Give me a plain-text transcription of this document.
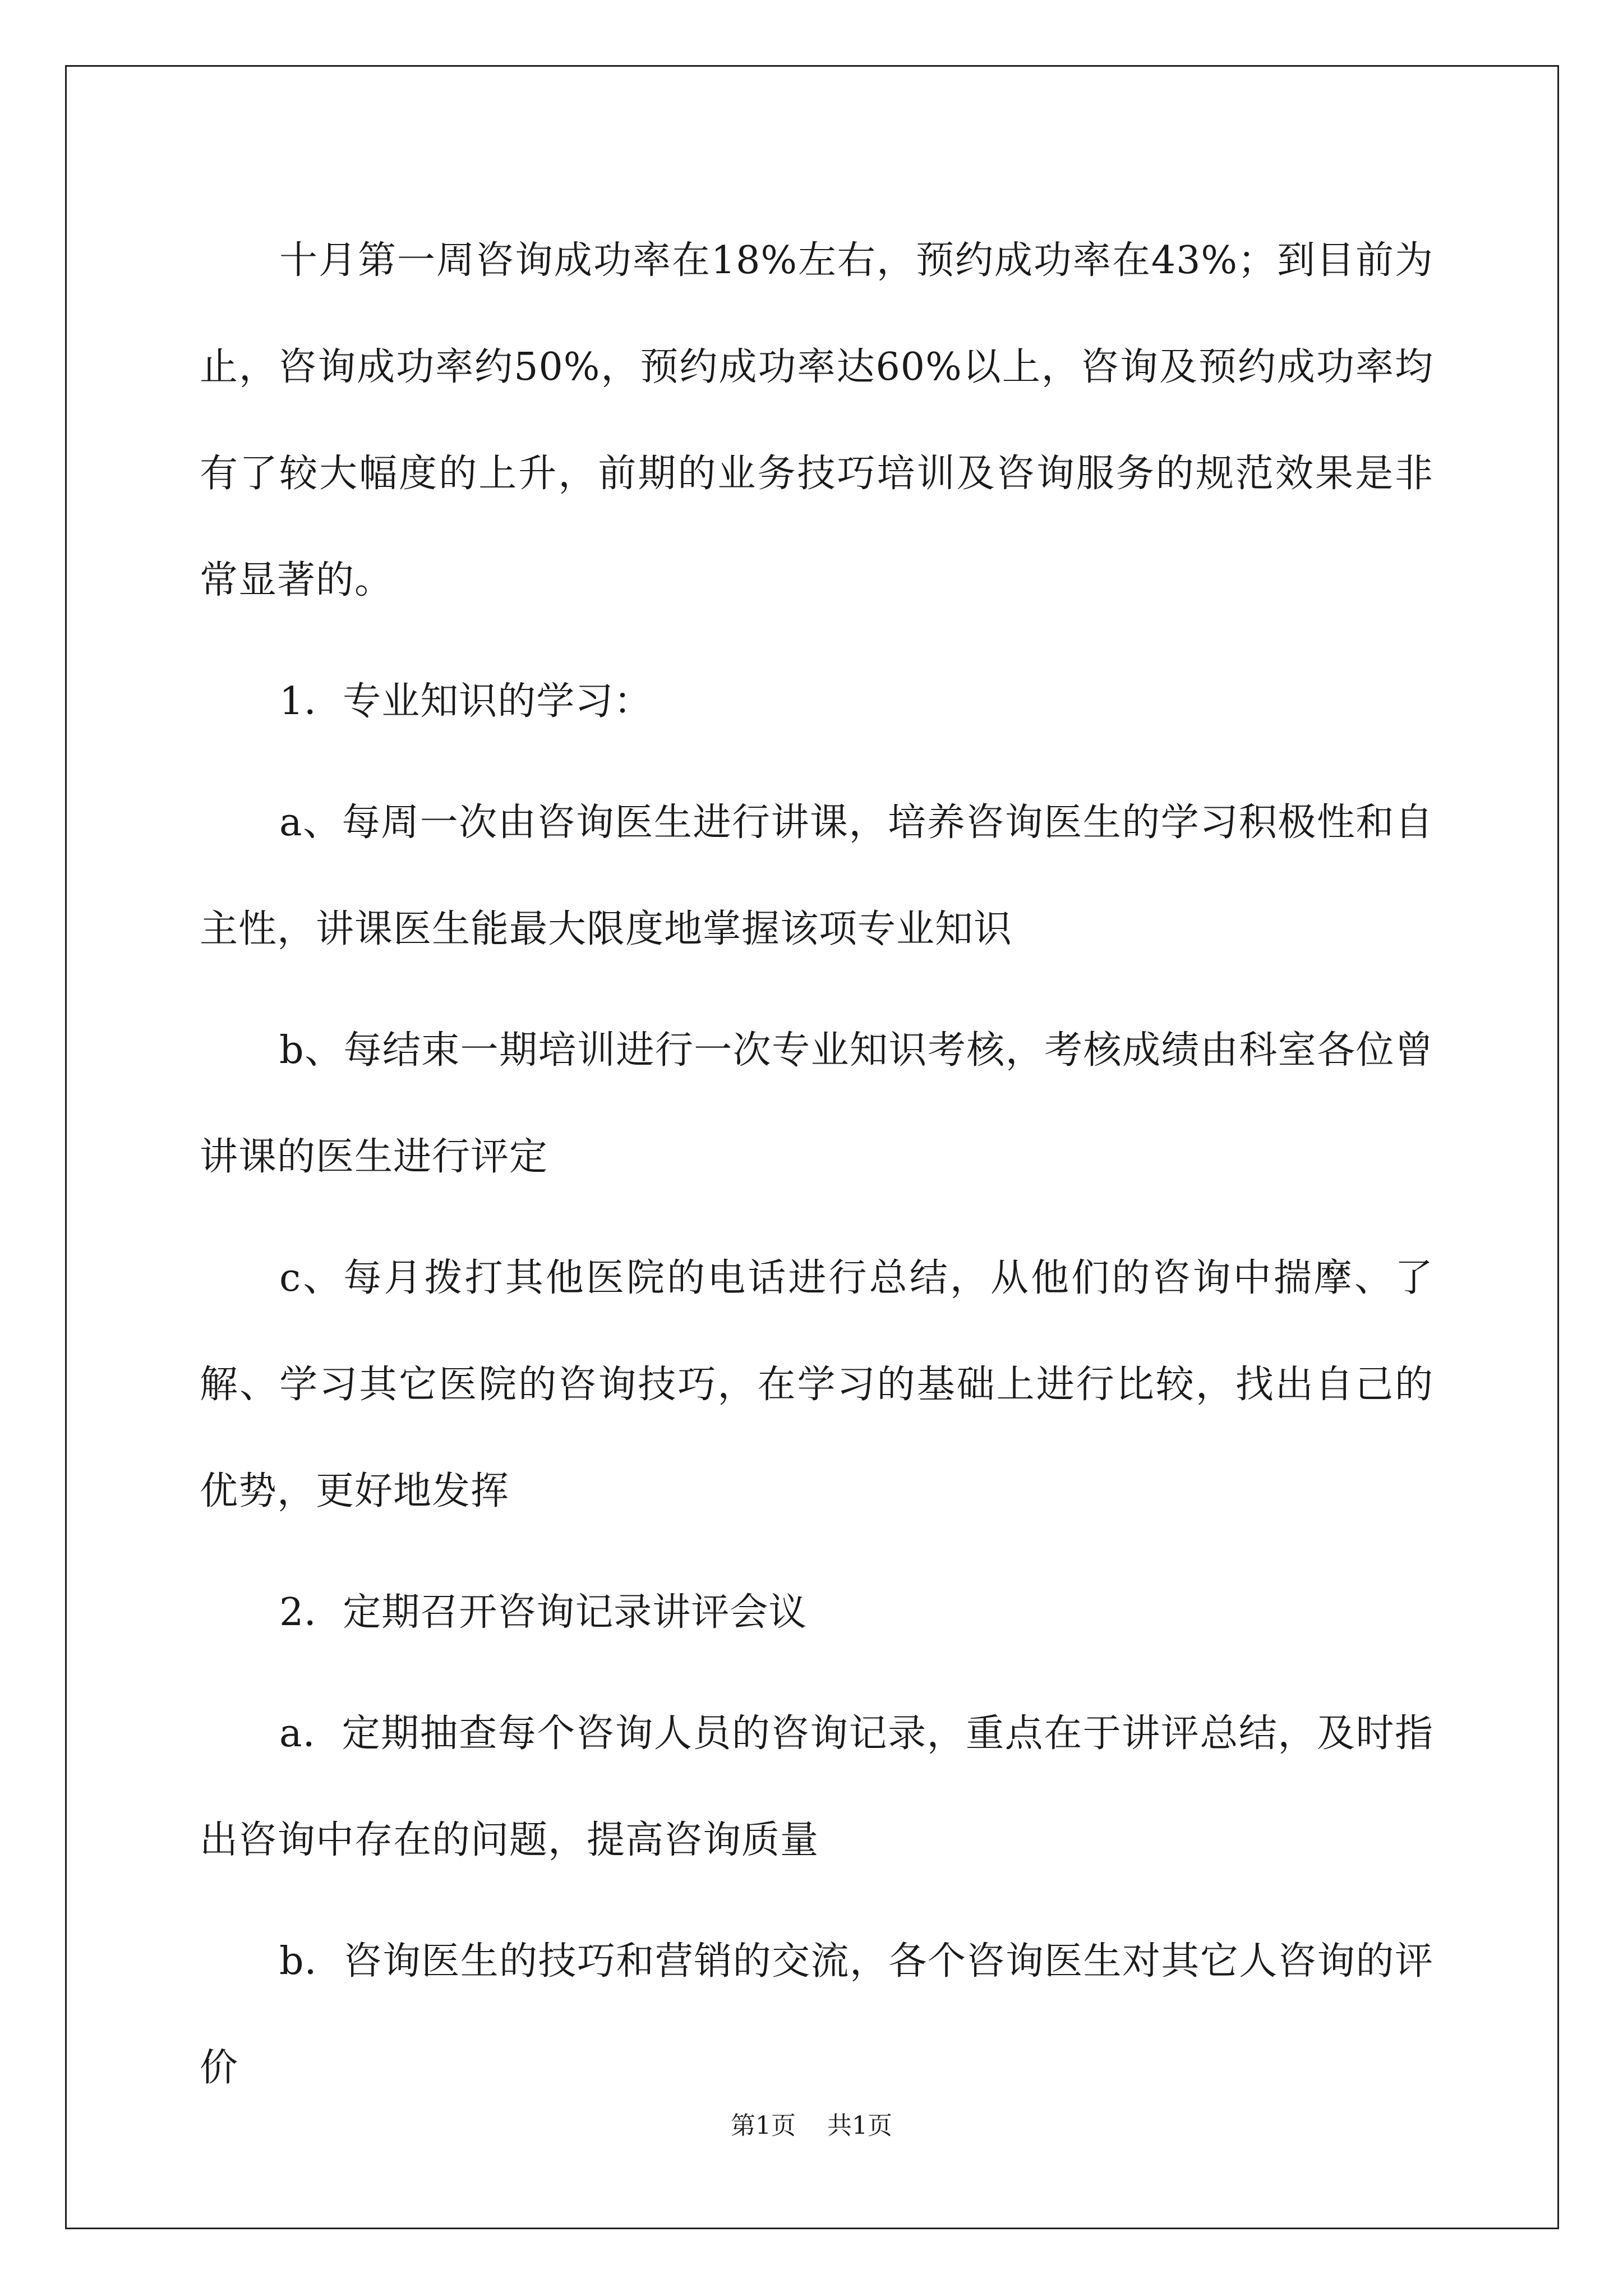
十月第一周咨询成功率在18%左右，预约成功率在43%；到目前为止，咨询成功率约50%，预约成功率达60%以上，咨询及预约成功率均有了较大幅度的上升，前期的业务技巧培训及咨询服务的规范效果是非常显著的。

1．专业知识的学习：

a、每周一次由咨询医生进行讲课，培养咨询医生的学习积极性和自主性，讲课医生能最大限度地掌握该项专业知识

b、每结束一期培训进行一次专业知识考核，考核成绩由科室各位曾讲课的医生进行评定

c、每月拨打其他医院的电话进行总结，从他们的咨询中揣摩、了解、学习其它医院的咨询技巧，在学习的基础上进行比较，找出自己的优势，更好地发挥

2．定期召开咨询记录讲评会议

a．定期抽查每个咨询人员的咨询记录，重点在于讲评总结，及时指出咨询中存在的问题，提高咨询质量

b．咨询医生的技巧和营销的交流，各个咨询医生对其它人咨询的评价

第1页 共1页
